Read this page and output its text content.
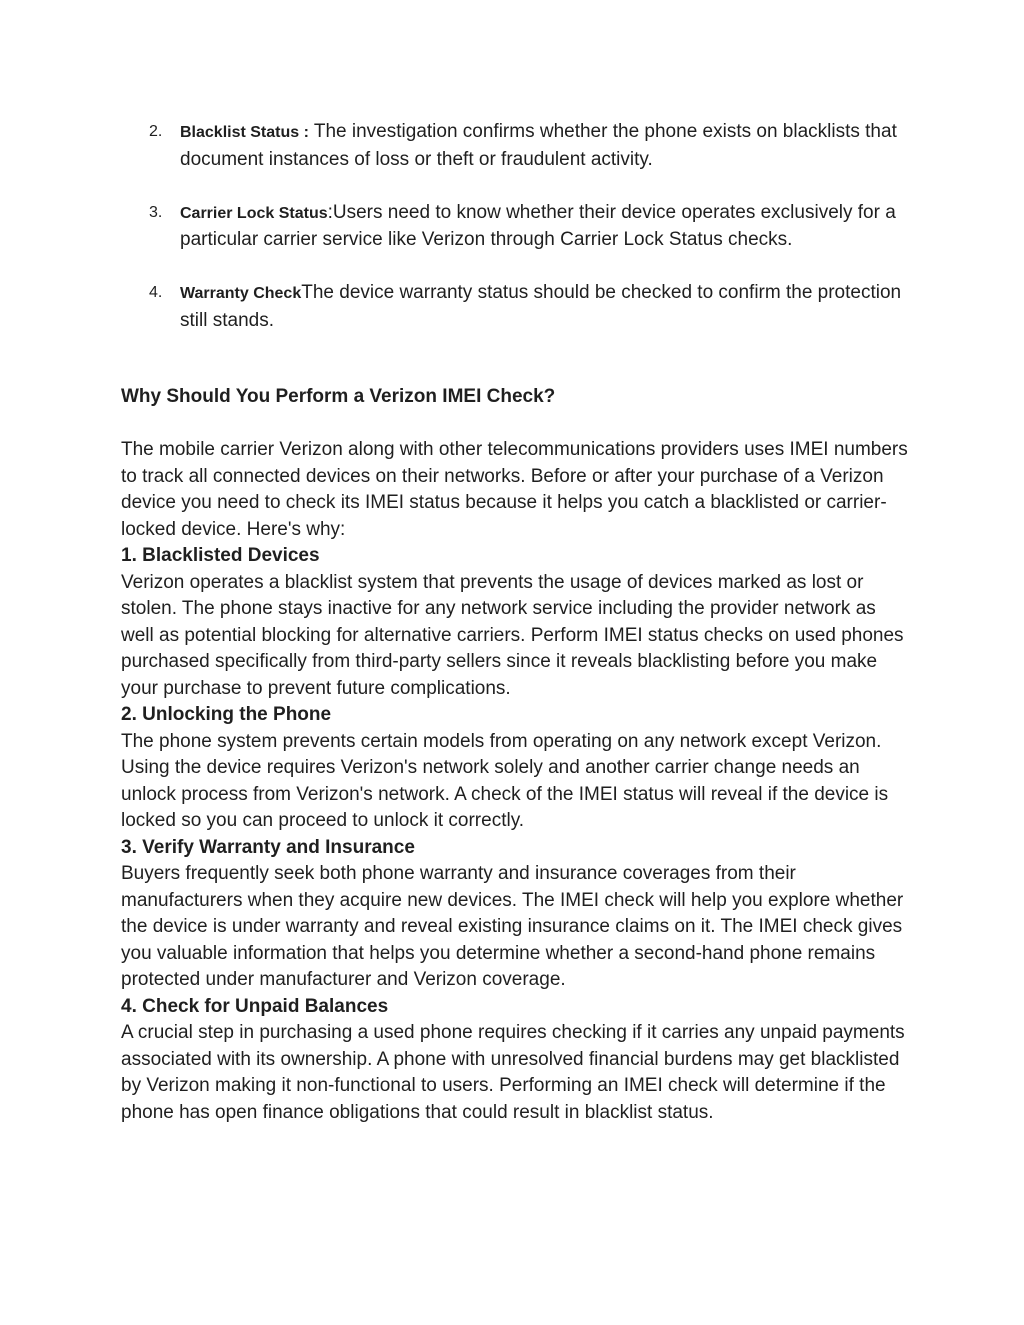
2. Blacklist Status : The investigation confirms whether the phone exists on blacklists that document instances of loss or theft or fraudulent activity.
3. Carrier Lock Status:Users need to know whether their device operates exclusively for a particular carrier service like Verizon through Carrier Lock Status checks.
4. Warranty CheckThe device warranty status should be checked to confirm the protection still stands.

Why Should You Perform a Verizon IMEI Check?

The mobile carrier Verizon along with other telecommunications providers uses IMEI numbers to track all connected devices on their networks. Before or after your purchase of a Verizon device you need to check its IMEI status because it helps you catch a blacklisted or carrier-locked device. Here's why:

1. Blacklisted Devices

Verizon operates a blacklist system that prevents the usage of devices marked as lost or stolen. The phone stays inactive for any network service including the provider network as well as potential blocking for alternative carriers. Perform IMEI status checks on used phones purchased specifically from third-party sellers since it reveals blacklisting before you make your purchase to prevent future complications.

2. Unlocking the Phone

The phone system prevents certain models from operating on any network except Verizon. Using the device requires Verizon's network solely and another carrier change needs an unlock process from Verizon's network. A check of the IMEI status will reveal if the device is locked so you can proceed to unlock it correctly.

3. Verify Warranty and Insurance

Buyers frequently seek both phone warranty and insurance coverages from their manufacturers when they acquire new devices. The IMEI check will help you explore whether the device is under warranty and reveal existing insurance claims on it. The IMEI check gives you valuable information that helps you determine whether a second-hand phone remains protected under manufacturer and Verizon coverage.

4. Check for Unpaid Balances

A crucial step in purchasing a used phone requires checking if it carries any unpaid payments associated with its ownership. A phone with unresolved financial burdens may get blacklisted by Verizon making it non-functional to users. Performing an IMEI check will determine if the phone has open finance obligations that could result in blacklist status.
